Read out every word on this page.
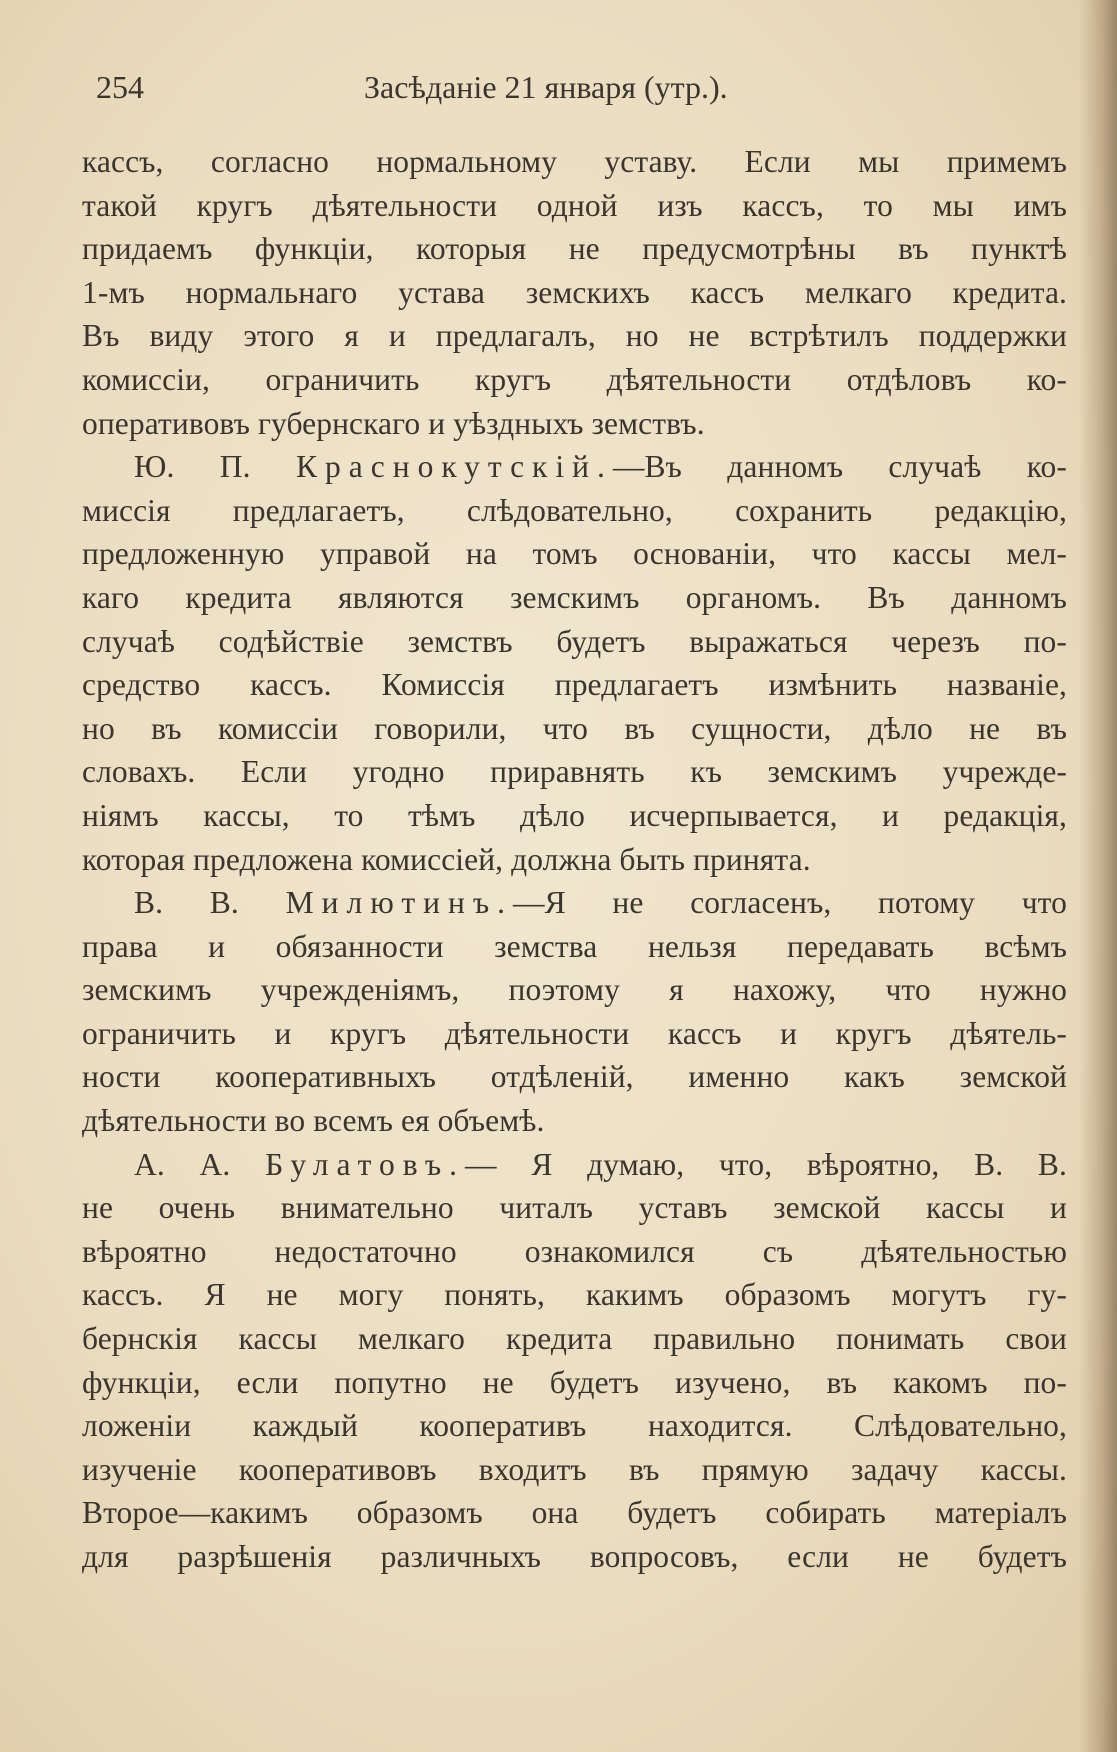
254	Засѣданіе 21 января (утр.).
кассъ, согласно нормальному уставу. Если мы примемъ
такой кругъ дѣятельности одной изъ кассъ, то мы имъ
придаемъ функціи, которыя не предусмотрѣны въ пунктѣ
1-мъ нормальнаго устава земскихъ кассъ мелкаго кредита.
Въ виду этого я и предлагалъ, но не встрѣтилъ поддержки
комиссіи, ограничить кругъ дѣятельности отдѣловъ ко-
оперативовъ губернскаго и уѣздныхъ земствъ.
Ю. П. Краснокутскій.—Въ данномъ случаѣ ко-
миссія предлагаетъ, слѣдовательно, сохранить редакцію,
предложенную управой на томъ основаніи, что кассы мел-
каго кредита являются земскимъ органомъ. Въ данномъ
случаѣ содѣйствіе земствъ будетъ выражаться черезъ по-
средство кассъ. Комиссія предлагаетъ измѣнить названіе,
но въ комиссіи говорили, что въ сущности, дѣло не въ
словахъ. Если угодно приравнять къ земскимъ учрежде-
ніямъ кассы, то тѣмъ дѣло исчерпывается, и редакція,
которая предложена комиссіей, должна быть принята.
В. В. Милютинъ.—Я не согласенъ, потому что
права и обязанности земства нельзя передавать всѣмъ
земскимъ учрежденіямъ, поэтому я нахожу, что нужно
ограничить и кругъ дѣятельности кассъ и кругъ дѣятель-
ности кооперативныхъ отдѣленій, именно какъ земской
дѣятельности во всемъ ея объемѣ.
А. А. Булатовъ.— Я думаю, что, вѣроятно, В. В.
не очень внимательно читалъ уставъ земской кассы и
вѣроятно недостаточно ознакомился съ дѣятельностью
кассъ. Я не могу понять, какимъ образомъ могутъ гу-
бернскія кассы мелкаго кредита правильно понимать свои
функціи, если попутно не будетъ изучено, въ какомъ по-
ложеніи каждый кооперативъ находится. Слѣдовательно,
изученіе кооперативовъ входитъ въ прямую задачу кассы.
Второе—какимъ образомъ она будетъ собирать матеріалъ
для разрѣшенія различныхъ вопросовъ, если не будетъ
